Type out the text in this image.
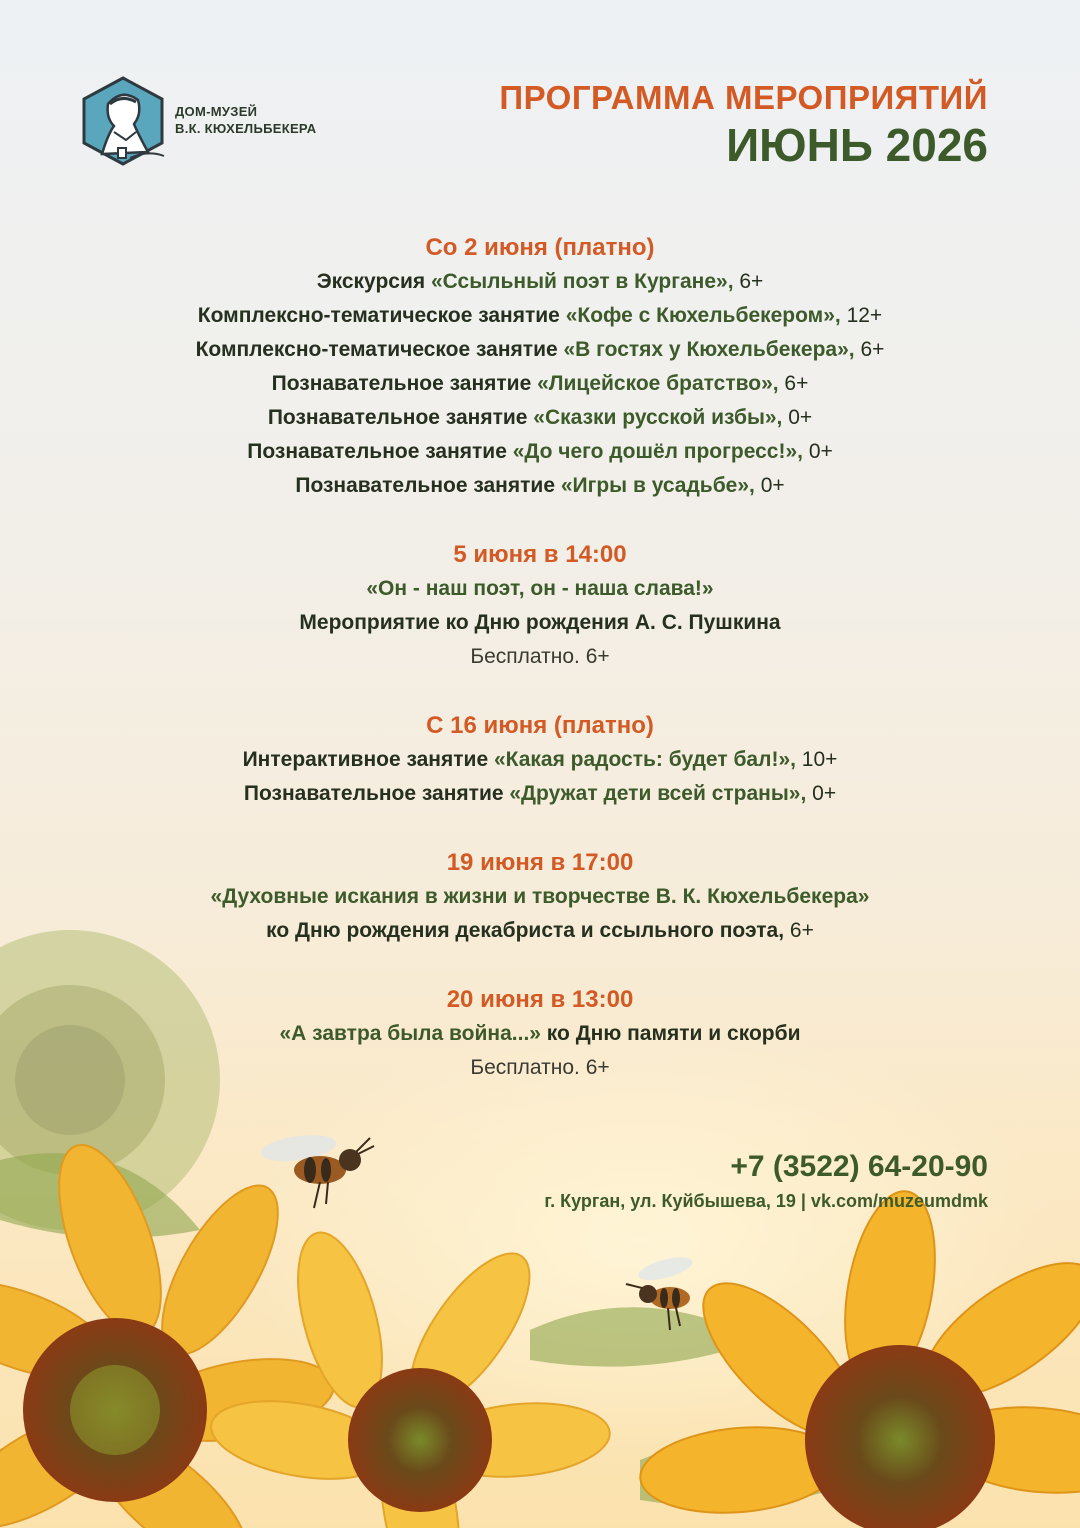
ДОМ-МУЗЕЙ
В.К. КЮХЕЛЬБЕКЕРА
ПРОГРАММА МЕРОПРИЯТИЙ
ИЮНЬ 2026
Со 2 июня (платно)
Экскурсия «Ссыльный поэт в Кургане», 6+
Комплексно-тематическое занятие «Кофе с Кюхельбекером», 12+
Комплексно-тематическое занятие «В гостях у Кюхельбекера», 6+
Познавательное занятие «Лицейское братство», 6+
Познавательное занятие «Сказки русской избы», 0+
Познавательное занятие «До чего дошёл прогресс!», 0+
Познавательное занятие «Игры в усадьбе», 0+
5 июня в 14:00
«Он - наш поэт, он - наша слава!»
Мероприятие ко Дню рождения А. С. Пушкина
Бесплатно. 6+
С 16 июня (платно)
Интерактивное занятие «Какая радость: будет бал!», 10+
Познавательное занятие «Дружат дети всей страны», 0+
19 июня в 17:00
«Духовные искания в жизни и творчестве В. К. Кюхельбекера»
ко Дню рождения декабриста и ссыльного поэта, 6+
20 июня в 13:00
«А завтра была война...» ко Дню памяти и скорби
Бесплатно. 6+
+7 (3522) 64-20-90
г. Курган, ул. Куйбышева, 19 | vk.com/muzeumdmk
